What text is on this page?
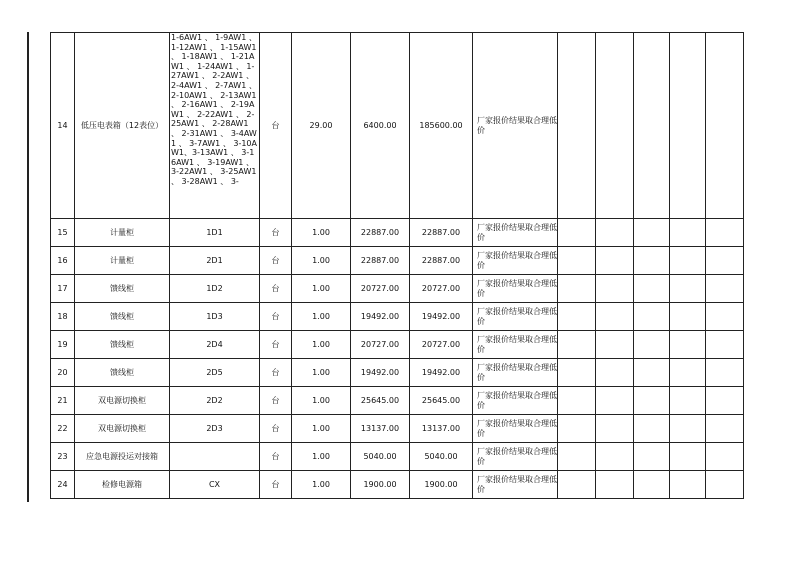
14	低压电表箱（12表位）	1-6AW1 、 1-9AW1 、 1-12AW1 、 1-15AW1 、 1-18AW1 、 1-21AW1 、 1-24AW1 、 1-27AW1 、 2-2AW1 、 2-4AW1 、 2-7AW1 、 2-10AW1 、 2-13AW1 、 2-16AW1 、 2-19AW1 、 2-22AW1 、 2-25AW1 、 2-28AW1 、 2-31AW1 、 3-4AW1 、 3-7AW1 、 3-10AW1、3-13AW1 、 3-16AW1 、 3-19AW1 、 3-22AW1 、 3-25AW1 、 3-28AW1 、 3-	台	29.00	6400.00	185600.00	厂家报价结果取合理低价					
15	计量柜	1D1	台	1.00	22887.00	22887.00	厂家报价结果取合理低价					
16	计量柜	2D1	台	1.00	22887.00	22887.00	厂家报价结果取合理低价					
17	馈线柜	1D2	台	1.00	20727.00	20727.00	厂家报价结果取合理低价					
18	馈线柜	1D3	台	1.00	19492.00	19492.00	厂家报价结果取合理低价					
19	馈线柜	2D4	台	1.00	20727.00	20727.00	厂家报价结果取合理低价					
20	馈线柜	2D5	台	1.00	19492.00	19492.00	厂家报价结果取合理低价					
21	双电源切换柜	2D2	台	1.00	25645.00	25645.00	厂家报价结果取合理低价					
22	双电源切换柜	2D3	台	1.00	13137.00	13137.00	厂家报价结果取合理低价					
23	应急电源投运对接箱		台	1.00	5040.00	5040.00	厂家报价结果取合理低价					
24	检修电源箱	CX	台	1.00	1900.00	1900.00	厂家报价结果取合理低价					
